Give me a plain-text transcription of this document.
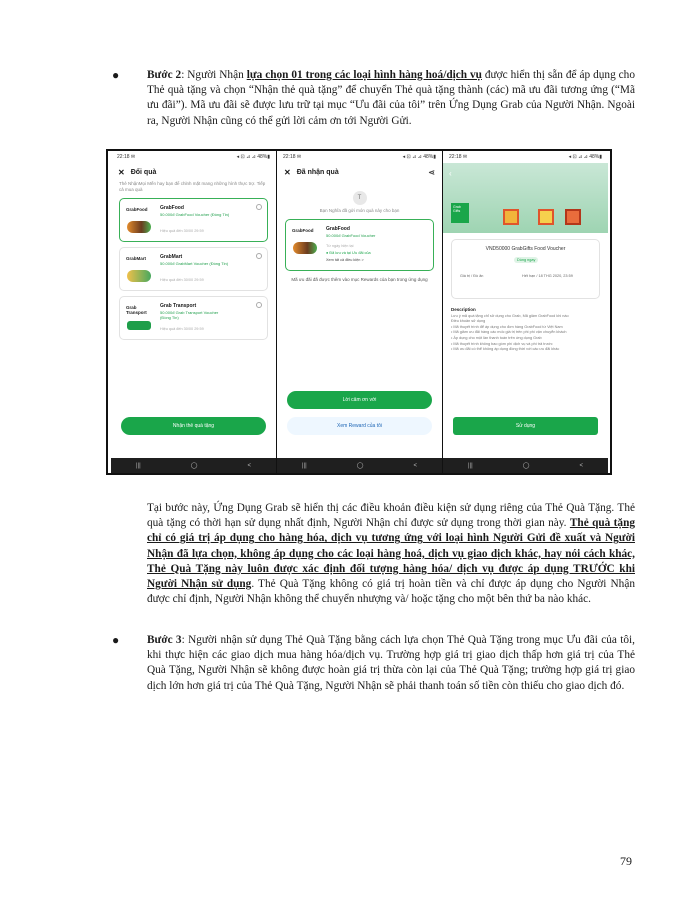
● Bước 2: Người Nhận lựa chọn 01 trong các loại hình hàng hoá/dịch vụ được hiển thị sẵn để áp dụng cho Thẻ quà tặng và chọn “Nhận thẻ quà tặng” để chuyển Thẻ quà tặng thành (các) mã ưu đãi tương ứng (“Mã ưu đãi”). Mã ưu đãi sẽ được lưu trữ tại mục “Ưu đãi của tôi” trên Ứng Dụng Grab của Người Nhận. Ngoài ra, Người Nhận cũng có thể gửi lời cảm ơn tới Người Gửi.

22:18 ✉	◂ ⊡ ⊿ ⊿ 48%▮
✕ Đổi quà
Thẻ NhậnMọi Mến hay bạn để chỉnh mặt mang những hình thực trợ. Tiếp cả mua quà
GrabFood	GrabFood
50.000đ GrabFood Voucher (Đồng Tin)
Hiệu quả đến 30/00 29:59
GrabMart	GrabMart
50.000đ GrabMart Voucher (Đồng Tin)
Hiệu quả đến 30/00 29:59
Grab Transport
Grab Transport
50.000đ Grab Transport Voucher (Đồng Tin)
Hiệu quả đến 30/00 29:59
Nhận thẻ quà tặng
|||	◯	<
22:18 ✉	◂ ⊡ ⊿ ⊿ 48%▮
✕ Đã nhận quà	⋖
T
Bạn Nghĩa đã gửi món quà này cho bạn
GrabFood	GrabFood
50.000đ GrabFood Voucher
Từ ngày hiện tại
● Đã lưu và tại Ưu đãi của
Xem tất cả điều kiện >
Mã ưu đãi đã được thêm vào mục Rewards của bạn trong ứng dụng
Lời cảm ơn với
Xem Reward của tôi
|||	◯	<
22:18 ✉	◂ ⊡ ⊿ ⊿ 48%▮
‹
Grab Gifts
VND50000 GrabGifts Food Voucher
Dùng ngay
Giá trị / Đồ ăn	Hết hạn / 18 THG 2020, 23:59
Description
Lưu ý mã quà tặng chỉ sử dụng cho Grab, Mã giảm GrabFood khi nào
Điều khoản sử dụng
• Mã thuyết trình để áp dụng cho đơn hàng GrabFood từ Việt Nam
• Mã giảm ưu đãi hàng các mốc giá trị trên phi phí vận chuyển khách
• Áp dụng cho một lần thanh toán trên ứng dụng Grab
• Mã thuyết trình không bao gồm phí dịch vụ và phí trả trước
• Mã ưu đãi có thể không áp dụng đồng thời với các ưu đãi khác
Sử dụng
|||	◯	<

Tại bước này, Ứng Dụng Grab sẽ hiển thị các điều khoản điều kiện sử dụng riêng của Thẻ Quà Tặng. Thẻ quà tặng có thời hạn sử dụng nhất định, Người Nhận chỉ được sử dụng trong thời gian này. Thẻ quà tặng chỉ có giá trị áp dụng cho hàng hóa, dịch vụ tương ứng với loại hình Người Gửi đề xuất và Người Nhận đã lựa chọn, không áp dụng cho các loại hàng hoá, dịch vụ giao dịch khác, hay nói cách khác, Thẻ Quà Tặng này luôn được xác định đối tượng hàng hóa/ dịch vụ được áp dụng TRƯỚC khi Người Nhận sử dụng. Thẻ Quà Tặng không có giá trị hoàn tiền và chỉ được áp dụng cho Người Nhận được chỉ định, Người Nhận không thể chuyển nhượng và/ hoặc tặng cho một bên thứ ba nào khác.

● Bước 3: Người nhận sử dụng Thẻ Quà Tặng bằng cách lựa chọn Thẻ Quà Tặng trong mục Ưu đãi của tôi, khi thực hiện các giao dịch mua hàng hóa/dịch vụ. Trường hợp giá trị giao dịch thấp hơn giá trị của Thẻ Quà Tặng, Người Nhận sẽ không được hoàn giá trị thừa còn lại của Thẻ Quà Tặng; trường hợp giá trị giao dịch lớn hơn giá trị của Thẻ Quà Tặng, Người Nhận sẽ phải thanh toán số tiền còn thiếu cho giao dịch đó.

79
